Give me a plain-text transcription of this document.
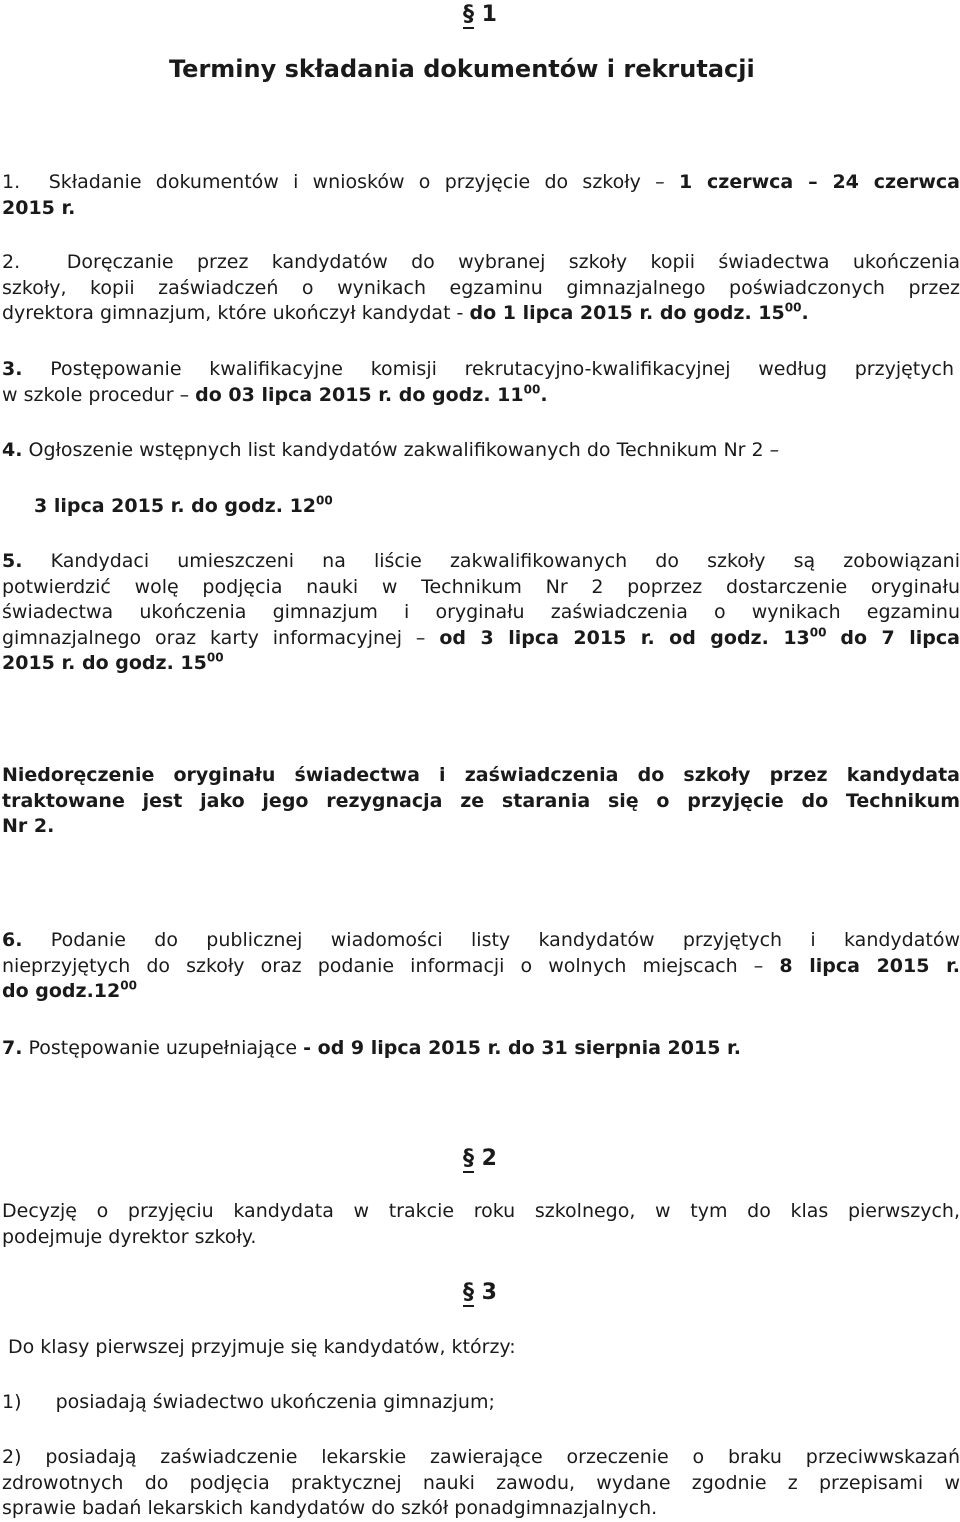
§ 1
Terminy składania dokumentów i rekrutacji
1. Składanie dokumentów i wniosków o przyjęcie do szkoły – 1 czerwca – 24 czerwca
2015 r.
2. Doręczanie przez kandydatów do wybranej szkoły kopii świadectwa ukończenia
szkoły, kopii zaświadczeń o wynikach egzaminu gimnazjalnego poświadczonych przez
dyrektora gimnazjum, które ukończył kandydat - do 1 lipca 2015 r. do godz. $15^{00}$.
3. Postępowanie kwalifikacyjne komisji rekrutacyjno-kwalifikacyjnej według przyjętych
w szkole procedur – do 03 lipca 2015 r. do godz. $11^{00}$.
4. Ogłoszenie wstępnych list kandydatów zakwalifikowanych do Technikum Nr 2 –
3 lipca 2015 r. do godz. $12^{00}$
5. Kandydaci umieszczeni na liście zakwalifikowanych do szkoły są zobowiązani
potwierdzić wolę podjęcia nauki w Technikum Nr 2 poprzez dostarczenie oryginału
świadectwa ukończenia gimnazjum i oryginału zaświadczenia o wynikach egzaminu
gimnazjalnego oraz karty informacyjnej – od 3 lipca 2015 r. od godz. $13^{00}$ do 7 lipca
2015 r. do godz. $15^{00}$
Niedoręczenie oryginału świadectwa i zaświadczenia do szkoły przez kandydata
traktowane jest jako jego rezygnacja ze starania się o przyjęcie do Technikum
Nr 2.
6. Podanie do publicznej wiadomości listy kandydatów przyjętych i kandydatów
nieprzyjętych do szkoły oraz podanie informacji o wolnych miejscach – 8 lipca 2015 r.
do $godz.12^{00}$
7. Postępowanie uzupełniające - od 9 lipca 2015 r. do 31 sierpnia 2015 r.
§ 2
Decyzję o przyjęciu kandydata w trakcie roku szkolnego, w tym do klas pierwszych,
podejmuje dyrektor szkoły.
§ 3
Do klasy pierwszej przyjmuje się kandydatów, którzy:
1) posiadają świadectwo ukończenia gimnazjum;
2) posiadają zaświadczenie lekarskie zawierające orzeczenie o braku przeciwwskazań
zdrowotnych do podjęcia praktycznej nauki zawodu, wydane zgodnie z przepisami w
sprawie badań lekarskich kandydatów do szkół ponadgimnazjalnych.
